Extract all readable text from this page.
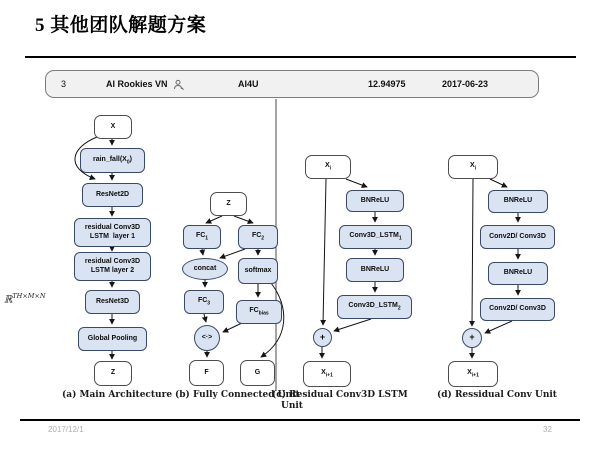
5 其他团队解题方案
3	AI Rookies VN	AI4U	12.94975	2017-06-23
ℝ$^{TH\times M\times N}$
X
$rain\_fall(X_0)$
ResNet2D
residual Conv3D
LSTM  layer 1
residual Conv3D
LSTM layer 2
ResNet3D
Global Pooling
Z
Z
$FC_1$	$FC_2$
concat	softmax
$FC_3$
$FC_{bias}$
<·>
F	G
$X_i$
BNReLU
$Conv3D\_LSTM_1$
BNReLU
$Conv3D\_LSTM_2$
+
$X_{i+1}$
$X_i$
BNReLU
Conv2D/ Conv3D
BNReLU
Conv2D/ Conv3D
+
$X_{i+1}$
(a) Main Architecture (b) Fully Connected Unit
(c) Residual Conv3D LSTM
Unit
(d) Ressidual Conv Unit
2017/12/1	32
